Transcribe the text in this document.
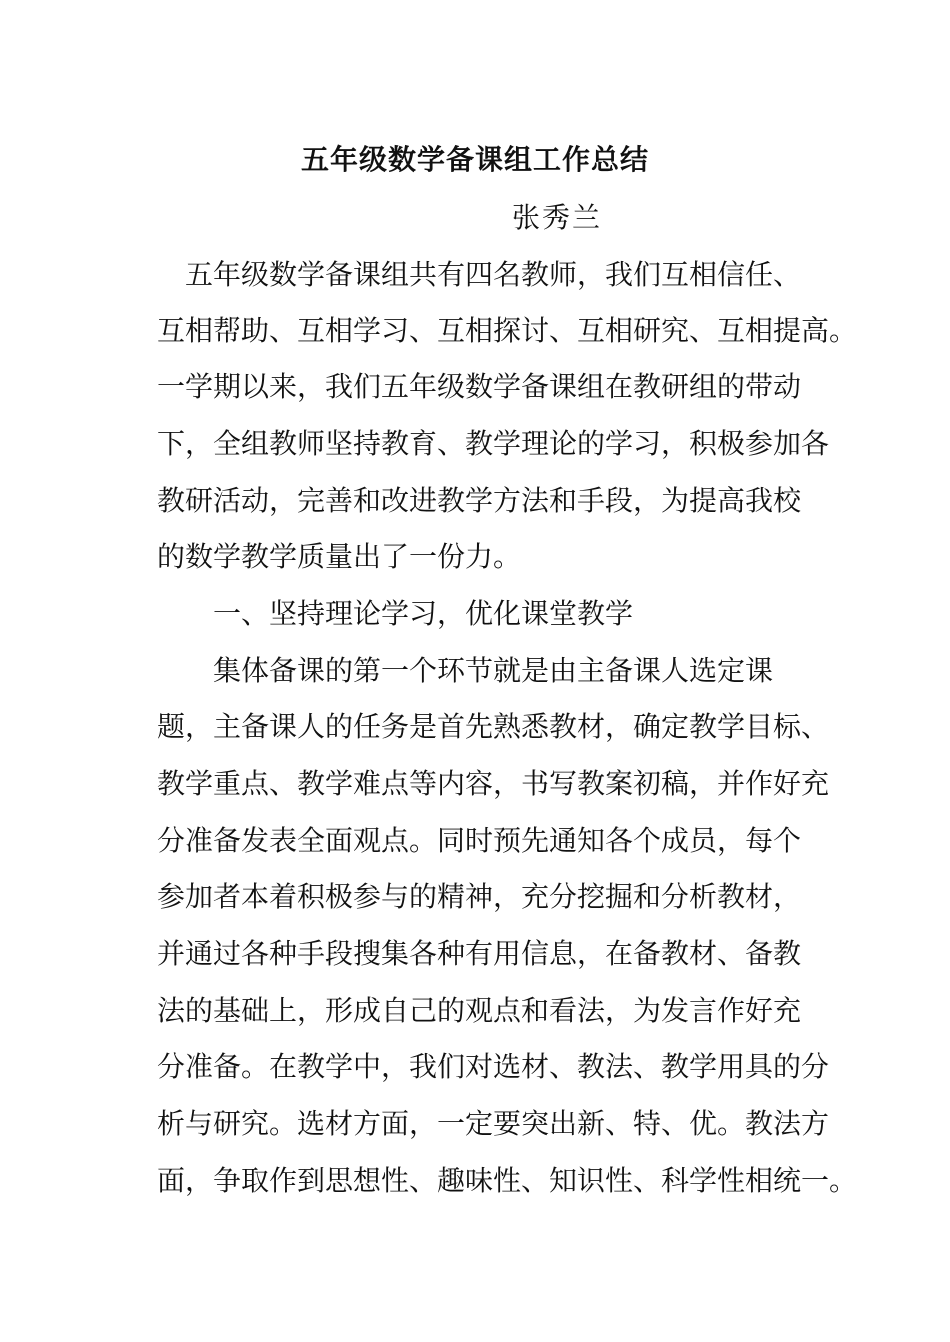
五年级数学备课组工作总结
张秀兰
　五年级数学备课组共有四名教师，我们互相信任、
互相帮助、互相学习、互相探讨、互相研究、互相提高。
一学期以来，我们五年级数学备课组在教研组的带动
下，全组教师坚持教育、教学理论的学习，积极参加各
教研活动，完善和改进教学方法和手段，为提高我校
的数学教学质量出了一份力。
　　一、坚持理论学习，优化课堂教学
　　集体备课的第一个环节就是由主备课人选定课
题，主备课人的任务是首先熟悉教材，确定教学目标、
教学重点、教学难点等内容，书写教案初稿，并作好充
分准备发表全面观点。同时预先通知各个成员，每个
参加者本着积极参与的精神，充分挖掘和分析教材，
并通过各种手段搜集各种有用信息，在备教材、备教
法的基础上，形成自己的观点和看法，为发言作好充
分准备。在教学中，我们对选材、教法、教学用具的分
析与研究。选材方面，一定要突出新、特、优。教法方
面，争取作到思想性、趣味性、知识性、科学性相统一。
